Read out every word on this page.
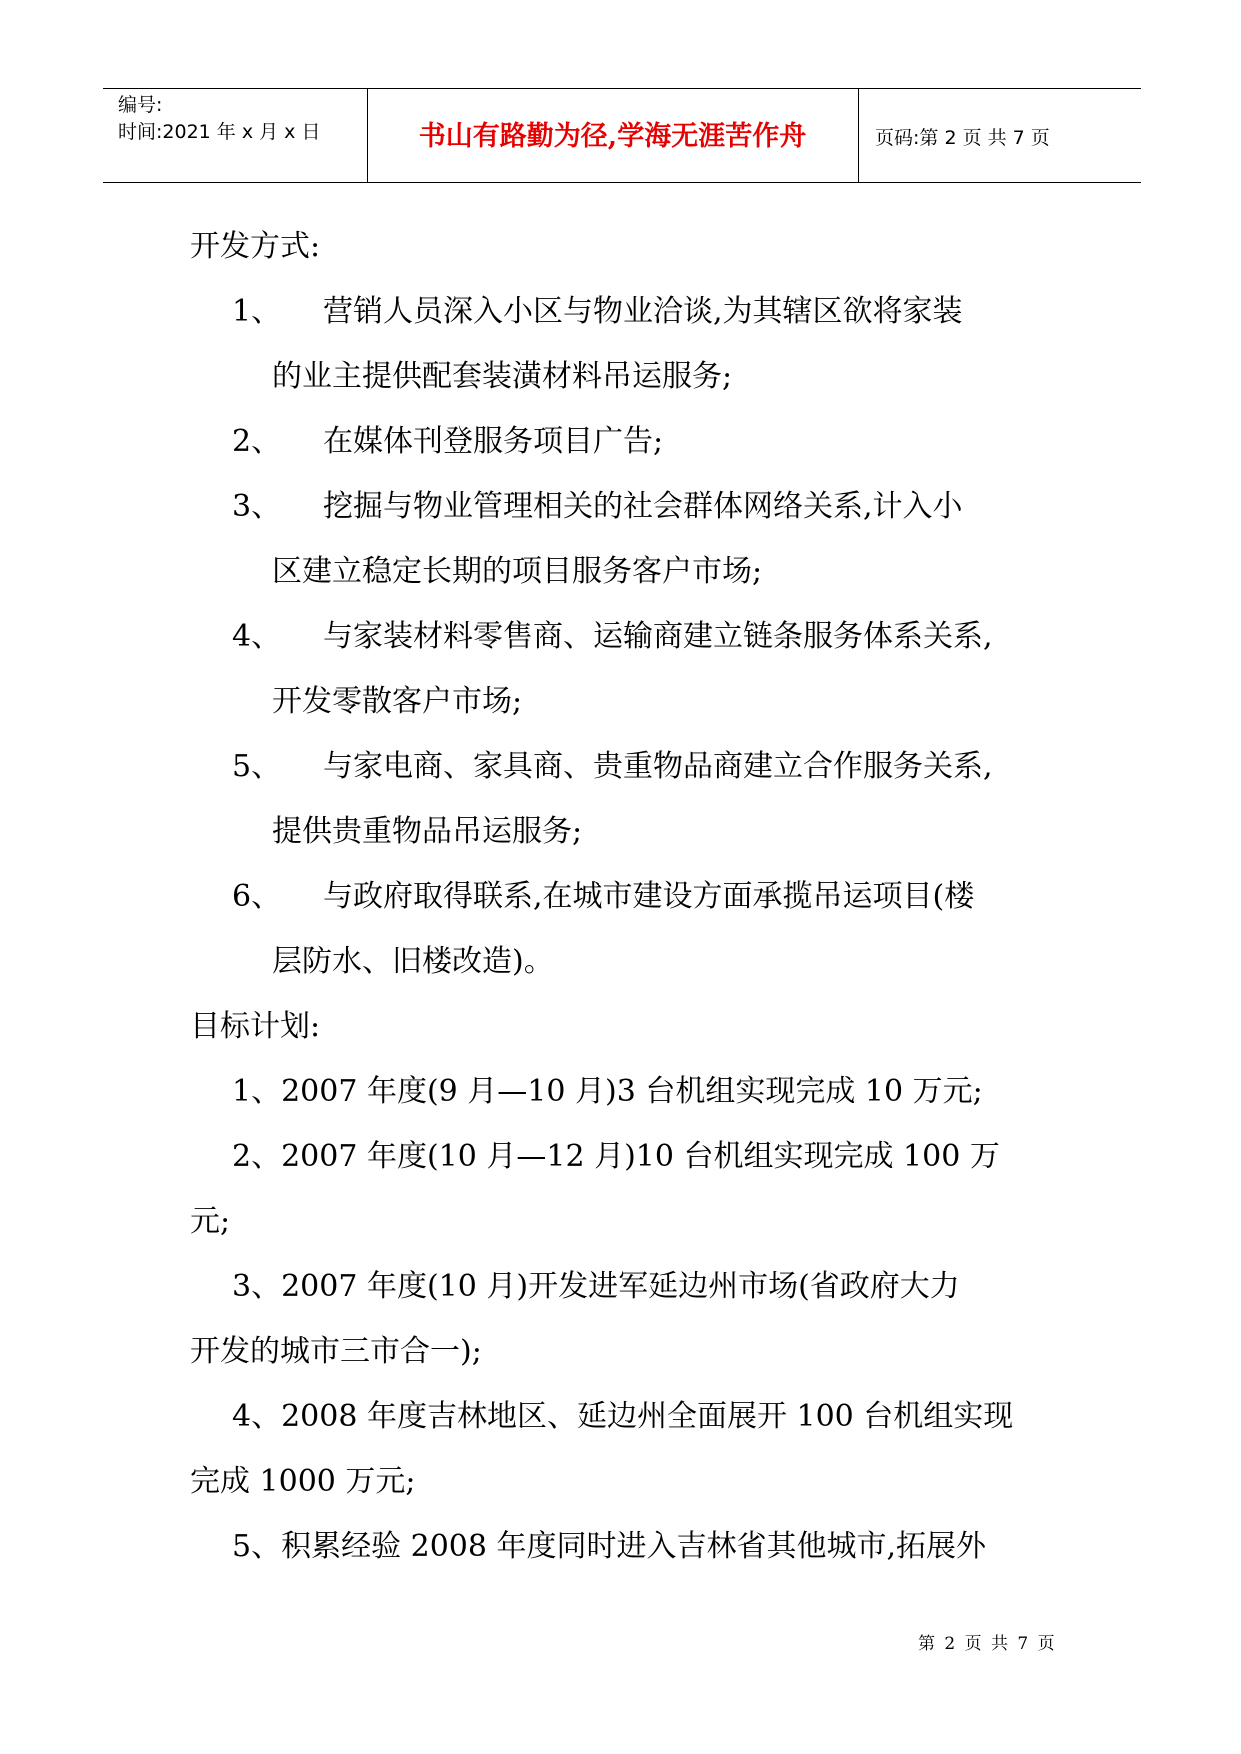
编号:
时间:2021 年 x 月 x 日	书山有路勤为径,学海无涯苦作舟	页码:第 2 页 共 7 页
开发方式:
1、 营销人员深入小区与物业洽谈,为其辖区欲将家装
的业主提供配套装潢材料吊运服务;
2、 在媒体刊登服务项目广告;
3、 挖掘与物业管理相关的社会群体网络关系,计入小
区建立稳定长期的项目服务客户市场;
4、 与家装材料零售商、运输商建立链条服务体系关系,
开发零散客户市场;
5、 与家电商、家具商、贵重物品商建立合作服务关系,
提供贵重物品吊运服务;
6、 与政府取得联系,在城市建设方面承揽吊运项目(楼
层防水、旧楼改造)。
目标计划:
1、2007 年度(9 月—10 月)3 台机组实现完成 10 万元;
2、2007 年度(10 月—12 月)10 台机组实现完成 100 万
元;
3、2007 年度(10 月)开发进军延边州市场(省政府大力
开发的城市三市合一);
4、2008 年度吉林地区、延边州全面展开 100 台机组实现
完成 1000 万元;
5、积累经验 2008 年度同时进入吉林省其他城市,拓展外
第 2 页 共 7 页
